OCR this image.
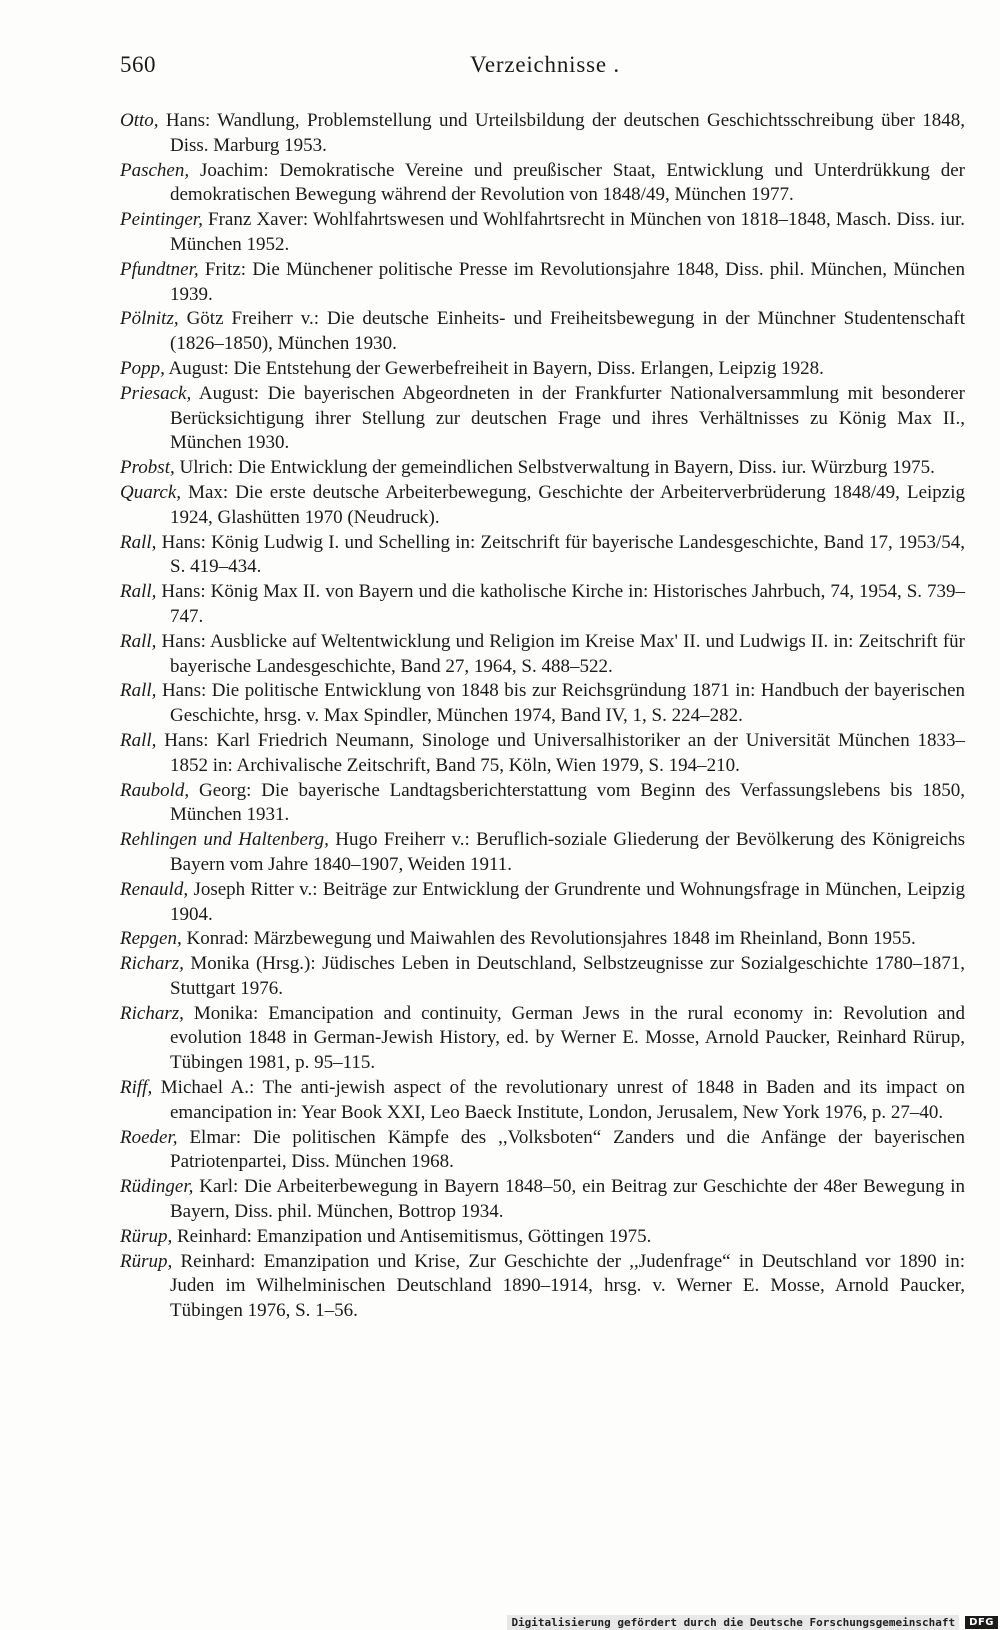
560	Verzeichnisse .

Otto, Hans: Wandlung, Problemstellung und Urteilsbildung der deutschen Geschichtsschreibung über 1848, Diss. Marburg 1953.

Paschen, Joachim: Demokratische Vereine und preußischer Staat, Entwicklung und Unterdrükkung der demokratischen Bewegung während der Revolution von 1848/49, München 1977.

Peintinger, Franz Xaver: Wohlfahrtswesen und Wohlfahrtsrecht in München von 1818–1848, Masch. Diss. iur. München 1952.

Pfundtner, Fritz: Die Münchener politische Presse im Revolutionsjahre 1848, Diss. phil. München, München 1939.

Pölnitz, Götz Freiherr v.: Die deutsche Einheits- und Freiheitsbewegung in der Münchner Studentenschaft (1826–1850), München 1930.

Popp, August: Die Entstehung der Gewerbefreiheit in Bayern, Diss. Erlangen, Leipzig 1928.

Priesack, August: Die bayerischen Abgeordneten in der Frankfurter Nationalversammlung mit besonderer Berücksichtigung ihrer Stellung zur deutschen Frage und ihres Verhältnisses zu König Max II., München 1930.

Probst, Ulrich: Die Entwicklung der gemeindlichen Selbstverwaltung in Bayern, Diss. iur. Würzburg 1975.

Quarck, Max: Die erste deutsche Arbeiterbewegung, Geschichte der Arbeiterverbrüderung 1848/49, Leipzig 1924, Glashütten 1970 (Neudruck).

Rall, Hans: König Ludwig I. und Schelling in: Zeitschrift für bayerische Landesgeschichte, Band 17, 1953/54, S. 419–434.

Rall, Hans: König Max II. von Bayern und die katholische Kirche in: Historisches Jahrbuch, 74, 1954, S. 739–747.

Rall, Hans: Ausblicke auf Weltentwicklung und Religion im Kreise Max' II. und Ludwigs II. in: Zeitschrift für bayerische Landesgeschichte, Band 27, 1964, S. 488–522.

Rall, Hans: Die politische Entwicklung von 1848 bis zur Reichsgründung 1871 in: Handbuch der bayerischen Geschichte, hrsg. v. Max Spindler, München 1974, Band IV, 1, S. 224–282.

Rall, Hans: Karl Friedrich Neumann, Sinologe und Universalhistoriker an der Universität München 1833–1852 in: Archivalische Zeitschrift, Band 75, Köln, Wien 1979, S. 194–210.

Raubold, Georg: Die bayerische Landtagsberichterstattung vom Beginn des Verfassungslebens bis 1850, München 1931.

Rehlingen und Haltenberg, Hugo Freiherr v.: Beruflich-soziale Gliederung der Bevölkerung des Königreichs Bayern vom Jahre 1840–1907, Weiden 1911.

Renauld, Joseph Ritter v.: Beiträge zur Entwicklung der Grundrente und Wohnungsfrage in München, Leipzig 1904.

Repgen, Konrad: Märzbewegung und Maiwahlen des Revolutionsjahres 1848 im Rheinland, Bonn 1955.

Richarz, Monika (Hrsg.): Jüdisches Leben in Deutschland, Selbstzeugnisse zur Sozialgeschichte 1780–1871, Stuttgart 1976.

Richarz, Monika: Emancipation and continuity, German Jews in the rural economy in: Revolution and evolution 1848 in German-Jewish History, ed. by Werner E. Mosse, Arnold Paucker, Reinhard Rürup, Tübingen 1981, p. 95–115.

Riff, Michael A.: The anti-jewish aspect of the revolutionary unrest of 1848 in Baden and its impact on emancipation in: Year Book XXI, Leo Baeck Institute, London, Jerusalem, New York 1976, p. 27–40.

Roeder, Elmar: Die politischen Kämpfe des ,,Volksboten“ Zanders und die Anfänge der bayerischen Patriotenpartei, Diss. München 1968.

Rüdinger, Karl: Die Arbeiterbewegung in Bayern 1848–50, ein Beitrag zur Geschichte der 48er Bewegung in Bayern, Diss. phil. München, Bottrop 1934.

Rürup, Reinhard: Emanzipation und Antisemitismus, Göttingen 1975.

Rürup, Reinhard: Emanzipation und Krise, Zur Geschichte der ,,Judenfrage“ in Deutschland vor 1890 in: Juden im Wilhelminischen Deutschland 1890–1914, hrsg. v. Werner E. Mosse, Arnold Paucker, Tübingen 1976, S. 1–56.

Digitalisierung gefördert durch die Deutsche Forschungsgemeinschaft	DFG
